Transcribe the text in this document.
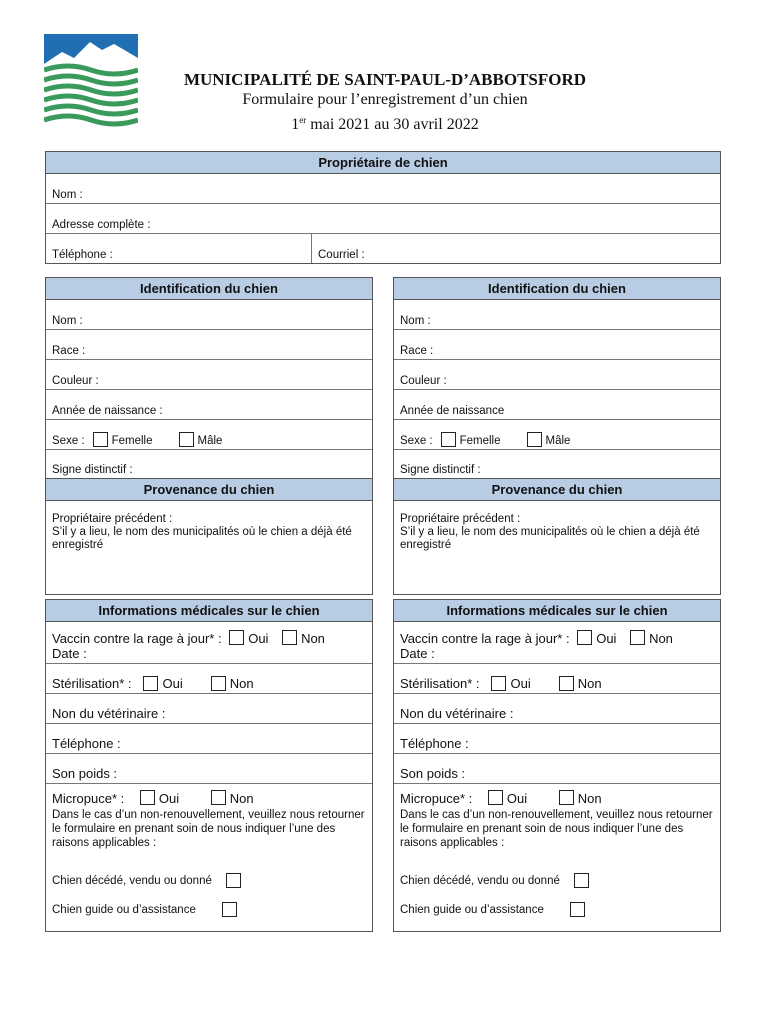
MUNICIPALITÉ DE SAINT-PAUL-D’ABBOTSFORD
Formulaire pour l’enregistrement d’un chien
1er mai 2021 au 30 avril 2022
Propriétaire de chien
Nom :
Adresse complète :
Téléphone :	Courriel :
Identification du chien
Nom :
Race :
Couleur :
Année de naissance :
Sexe : Femelle	Mâle
Signe distinctif :
Provenance du chien
Propriétaire précédent :
S’il y a lieu, le nom des municipalités où le chien a déjà été enregistré
Informations médicales sur le chien
Vaccin contre la rage à jour* : Oui	Non
Date :
Stérilisation* : Oui	Non
Non du vétérinaire :
Téléphone :
Son poids :
Micropuce* :	Oui	Non
Dans le cas d’un non-renouvellement, veuillez nous retourner le formulaire en prenant soin de nous indiquer l’une des raisons applicables :
Chien décédé, vendu ou donné
Chien guide ou d’assistance
Identification du chien
Nom :
Race :
Couleur :
Année de naissance
Sexe : Femelle	Mâle
Signe distinctif :
Provenance du chien
Propriétaire précédent :
S’il y a lieu, le nom des municipalités où le chien a déjà été enregistré
Informations médicales sur le chien
Vaccin contre la rage à jour* : Oui	Non
Date :
Stérilisation* : Oui	Non
Non du vétérinaire :
Téléphone :
Son poids :
Micropuce* :	Oui	Non
Dans le cas d’un non-renouvellement, veuillez nous retourner le formulaire en prenant soin de nous indiquer l’une des raisons applicables :
Chien décédé, vendu ou donné
Chien guide ou d’assistance
